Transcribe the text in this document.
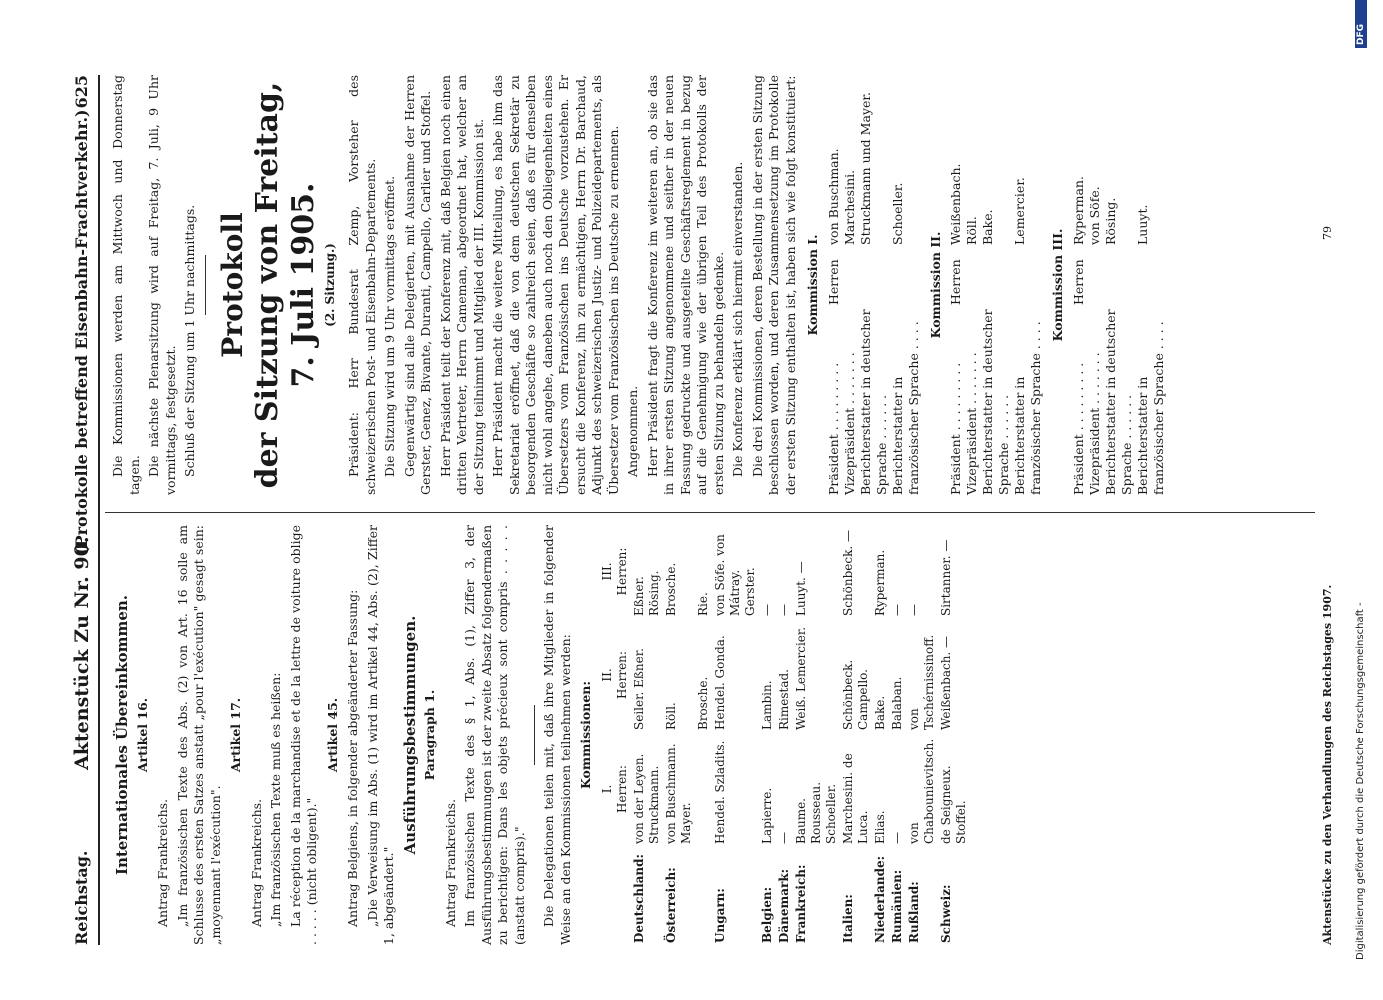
Reichstag.
Aktenstück Zu Nr. 90.
(Protokolle betreffend Eisenbahn-Frachtverkehr.)
625
Internationales Übereinkommen. Artikel 16.

Antrag Frankreichs. „Im französischen Texte des Abs. (2) von Art. 16 solle am Schlusse des ersten Satzes anstatt „pour l'exécution" gesagt sein: „moyennant l'exécution".

Artikel 17.

Antrag Frankreichs. „Im französischen Texte muß es heißen: La réception de la marchandise et de la lettre de voiture oblige . . . . . (nicht obligent)."

Artikel 45. Antrag Belgiens, in folgender abgeänderter Fassung: „Die Verweisung im Abs. (1) wird im Artikel 44, Abs. (2), Ziffer 1, abgeändert."

Ausführungsbestimmungen. Paragraph 1.

Antrag Frankreichs. Im französischen Texte des § 1, Abs. (1), Ziffer 3, der Ausführungsbestimmungen ist der zweite Absatz folgendermaßen zu berichtigen: Dans les objets précieux sont compris . . . . . (anstatt compris)." Die Delegationen teilen mit, daß ihre Mitglieder in folgender Weise an den Kommissionen teilnehmen werden: Kommissionen:
	I.
Herren:	II.
Herren:	III.
Herren:
Deutschland:	von der Leyen. Struckmann.	Seiler. Eßner.	Eßner. Rösing.
Österreich:	von Buschmann. Mayer.	Röll.	Brosche.
		Brosche.	Rie.
Ungarn:	Hendel. Szladits.	Hendel. Gonda.	von Söfe. von Mátray. Gerster.
Belgien:	Lapierre.	Lambin.	—
Dänemark:	—	Rimestad.	—
Frankreich:	Baume. Rousseau. Schoeller.	Weiß. Lemercier.	Luuyt. —
Italien:	Marchesini. de Luca.	Schönbeck. Campello.	Schönbeck. —
Niederlande:	Elias.	Bake.	Ryperman.
Rumänien:	—	Balaban.	—
Rußland:	von Chabounievitsch.	von Tschérnissinoff.	—
Schweiz:	de Seigneux. Stoffel.	Weißenbach. —	Sirtanner. —

Die Kommissionen werden am Mittwoch und Donnerstag tagen. Die nächste Plenarsitzung wird auf Freitag, 7. Juli, 9 Uhr vormittags, festgesetzt. Schluß der Sitzung um 1 Uhr nachmittags. Protokoll der Sitzung von Freitag, 7. Juli 1905. (2. Sitzung.) Präsident: Herr Bundesrat Zemp, Vorsteher des schweizerischen Post- und Eisenbahn-Departements. Die Sitzung wird um 9 Uhr vormittags eröffnet. Gegenwärtig sind alle Delegierten, mit Ausnahme der Herren Gerster, Genez, Bivante, Duranti, Campello, Carlier und Stoffel. Herr Präsident teilt der Konferenz mit, daß Belgien noch einen dritten Vertreter, Herrn Cameman, abgeordnet hat, welcher an der Sitzung teilnimmt und Mitglied der III. Kommission ist. Herr Präsident macht die weitere Mitteilung, es habe ihm das Sekretariat eröffnet, daß die von dem deutschen Sekretär zu besorgenden Geschäfte so zahlreich seien, daß es für denselben nicht wohl angehe, daneben auch noch den Obliegenheiten eines Übersetzers vom Französischen ins Deutsche vorzustehen. Er ersucht die Konferenz, ihn zu ermächtigen, Herrn Dr. Barchaud, Adjunkt des schweizerischen Justiz- und Polizeidepartements, als Übersetzer vom Französischen ins Deutsche zu ernennen. Angenommen. Herr Präsident fragt die Konferenz im weiteren an, ob sie das in ihrer ersten Sitzung angenommene und seither in der neuen Fassung gedruckte und ausgeteilte Geschäftsreglement in bezug auf die Genehmigung wie der übrigen Teil des Protokolls der ersten Sitzung zu behandeln gedenke. Die Konferenz erklärt sich hiermit einverstanden. Die drei Kommissionen, deren Bestellung in der ersten Sitzung beschlossen worden, und deren Zusammensetzung im Protokolle der ersten Sitzung enthalten ist, haben sich wie folgt konstituiert: Kommission I.
Präsident . . . . . . . . .
Herren
von Buschman.
Vizepräsident . . . . . . .
Marchesini.
Berichterstatter in deutscher Sprache . . . . . .
Struckmann und Mayer.
Berichterstatter in französischer Sprache . . . .
Schoeller.
Kommission II.
Präsident . . . . . . . . .
Herren
Weißenbach.
Vizepräsident . . . . . . .
Röll.
Berichterstatter in deutscher Sprache . . . . . .
Bake.
Berichterstatter in französischer Sprache . . . .
Lemercier.
Kommission III.
Präsident . . . . . . . . .
Herren
Ryperman.
Vizepräsident . . . . . . .
von Söfe.
Berichterstatter in deutscher Sprache . . . . . .
Rösing.
Berichterstatter in französischer Sprache . . . .
Luuyt.
Aktenstücke zu den Verhandlungen des Reichstages 1907.
79
DFG
Digitalisierung gefördert durch die Deutsche Forschungsgemeinschaft -
